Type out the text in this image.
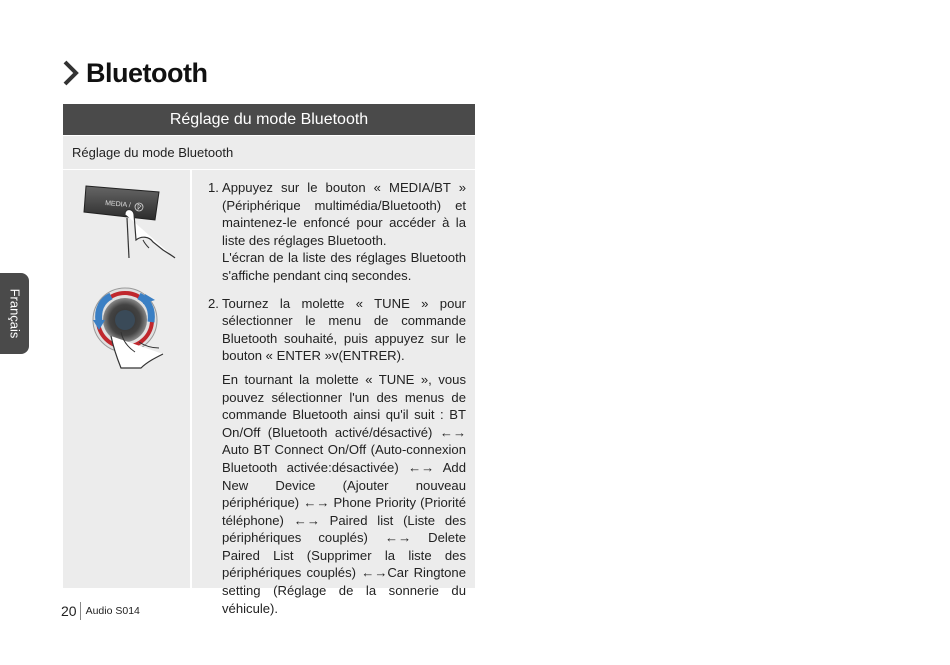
Bluetooth
Réglage du mode Bluetooth
Réglage du mode Bluetooth
MEDIA /
1. Appuyez sur le bouton « MEDIA/BT » (Périphérique multimédia/Bluetooth) et maintenez-le enfoncé pour accéder à la liste des réglages Bluetooth.
L'écran de la liste des réglages Bluetooth s'affiche pendant cinq secondes.
2. Tournez la molette « TUNE » pour sélectionner le menu de commande Bluetooth souhaité, puis appuyez sur le bouton « ENTER »v(ENTRER).
En tournant la molette « TUNE », vous pouvez sélectionner l'un des menus de commande Bluetooth ainsi qu'il suit : BT On/Off (Bluetooth activé/désactivé) ←→ Auto BT Connect On/Off (Auto-connexion Bluetooth activée:désactivée) ←→ Add New Device (Ajouter nouveau périphérique) ←→ Phone Priority (Priorité téléphone) ←→ Paired list (Liste des périphériques couplés) ←→ Delete Paired List (Supprimer la liste des périphériques couplés) ←→Car Ringtone setting (Réglage de la sonnerie du véhicule).
Français
20 Audio S014
